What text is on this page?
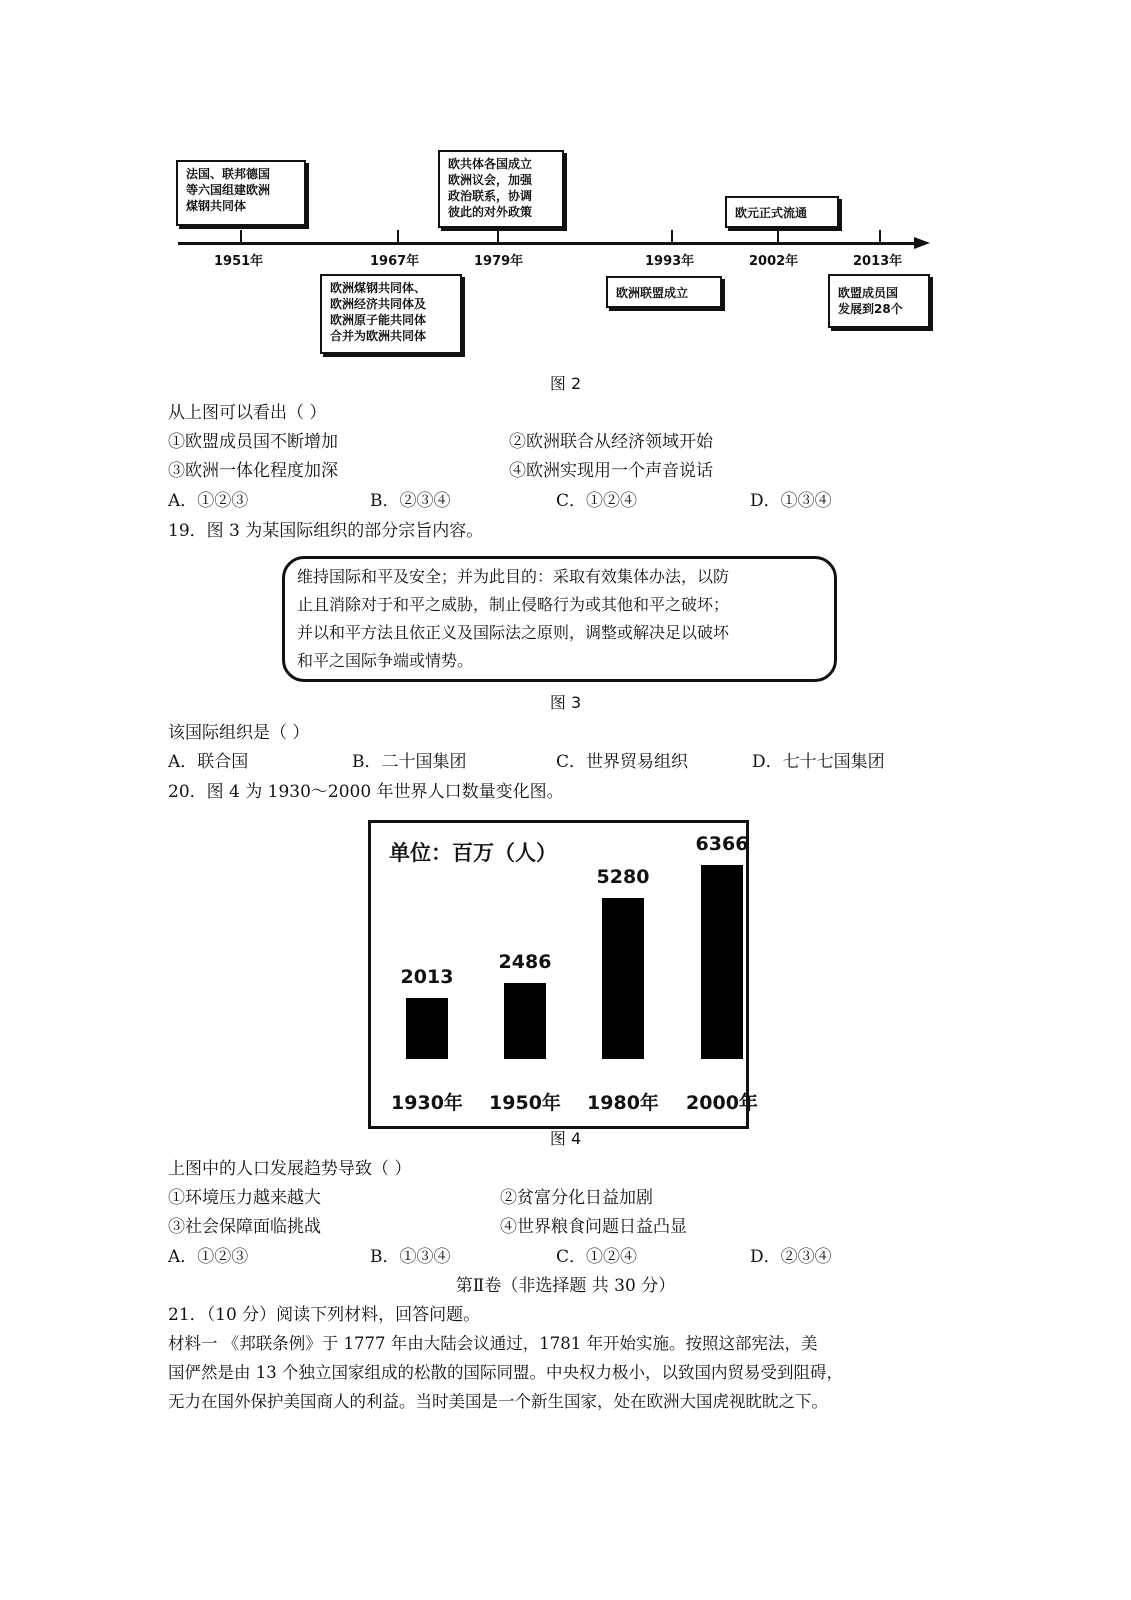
1951年	1967年	1979年	1993年	2002年	2013年
法国、联邦德国
等六国组建欧洲
煤钢共同体
欧洲煤钢共同体、
欧洲经济共同体及
欧洲原子能共同体
合并为欧洲共同体
欧共体各国成立
欧洲议会，加强
政治联系，协调
彼此的对外政策
欧洲联盟成立
欧元正式流通
欧盟成员国
发展到28个
图 2
从上图可以看出（ ）
①欧盟成员国不断增加	②欧洲联合从经济领域开始
③欧洲一体化程度加深	④欧洲实现用一个声音说话
A．①②③	B．②③④	C．①②④	D．①③④
19．图 3 为某国际组织的部分宗旨内容。
维持国际和平及安全；并为此目的：采取有效集体办法，以防
止且消除对于和平之威胁，制止侵略行为或其他和平之破坏；
并以和平方法且依正义及国际法之原则，调整或解决足以破坏
和平之国际争端或情势。
图 3
该国际组织是（ ）
A．联合国	B．二十国集团	C．世界贸易组织	D．七十七国集团
20．图 4 为 1930～2000 年世界人口数量变化图。
单位：百万（人）
2013
1930年
2486
1950年
5280
1980年
6366
2000年
图 4
上图中的人口发展趋势导致（ ）
①环境压力越来越大	②贫富分化日益加剧
③社会保障面临挑战	④世界粮食问题日益凸显
A．①②③	B．①③④	C．①②④	D．②③④
第Ⅱ卷（非选择题 共 30 分）
21．（10 分）阅读下列材料，回答问题。
材料一 《邦联条例》于 1777 年由大陆会议通过，1781 年开始实施。按照这部宪法，美
国俨然是由 13 个独立国家组成的松散的国际同盟。中央权力极小，以致国内贸易受到阻碍，
无力在国外保护美国商人的利益。当时美国是一个新生国家，处在欧洲大国虎视眈眈之下。
